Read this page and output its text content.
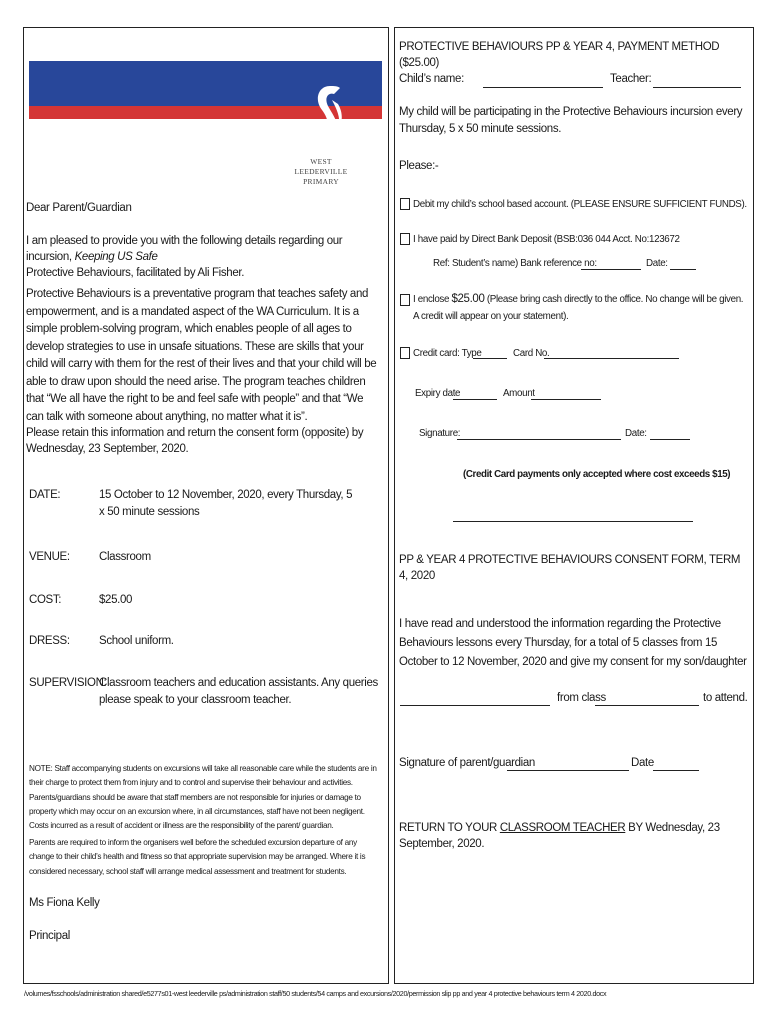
WEST LEEDERVILLE
PRIMARY
Dear Parent/Guardian
I am pleased to provide you with the following details regarding our incursion, Keeping US Safe
Protective Behaviours, facilitated by Ali Fisher.
Protective Behaviours is a preventative program that teaches safety and empowerment, and is a mandated aspect of the WA Curriculum. It is a simple problem-solving program, which enables people of all ages to develop strategies to use in unsafe situations. These are skills that your child will carry with them for the rest of their lives and that your child will be able to draw upon should the need arise. The program teaches children that “We all have the right to be and feel safe with people” and that “We can talk with someone about anything, no matter what it is”.
Please retain this information and return the consent form (opposite) by Wednesday, 23 September, 2020.
DATE:	15 October to 12 November, 2020, every Thursday, 5 x 50 minute sessions
VENUE:	Classroom
COST:	$25.00
DRESS:	School uniform.
SUPERVISION:
Classroom teachers and education assistants. Any queries please speak to your classroom teacher.
NOTE: Staff accompanying students on excursions will take all reasonable care while the students are in their charge to protect them from injury and to control and supervise their behaviour and activities. Parents/guardians should be aware that staff members are not responsible for injuries or damage to property which may occur on an excursion where, in all circumstances, staff have not been negligent. Costs incurred as a result of accident or illness are the responsibility of the parent/ guardian.
Parents are required to inform the organisers well before the scheduled excursion departure of any change to their child’s health and fitness so that appropriate supervision may be arranged. Where it is considered necessary, school staff will arrange medical assessment and treatment for students.
Ms Fiona Kelly
Principal
PROTECTIVE BEHAVIOURS PP & YEAR 4, PAYMENT METHOD ($25.00)
Child’s name:	Teacher:
My child will be participating in the Protective Behaviours incursion every Thursday, 5 x 50 minute sessions.
Please:-
Debit my child’s school based account. (PLEASE ENSURE SUFFICIENT FUNDS).
I have paid by Direct Bank Deposit (BSB:036 044 Acct. No:123672
Ref: Student’s name) Bank reference no:	Date:
I enclose $25.00 (Please bring cash directly to the office. No change will be given. A credit will appear on your statement).
Credit card: Type	Card No.
Expiry date	Amount
Signature:	Date:
(Credit Card payments only accepted where cost exceeds $15)
PP & YEAR 4 PROTECTIVE BEHAVIOURS CONSENT FORM, TERM 4, 2020
I have read and understood the information regarding the Protective Behaviours lessons every Thursday, for a total of 5 classes from 15 October to 12 November, 2020 and give my consent for my son/daughter
from class	to attend.
Signature of parent/guardian	Date
RETURN TO YOUR CLASSROOM TEACHER BY Wednesday, 23 September, 2020.
/volumes/fsschools/administration shared/e5277s01-west leederville ps/administration staff/50 students/54 camps and excursions/2020/permission slip pp and year 4 protective behaviours term 4 2020.docx
